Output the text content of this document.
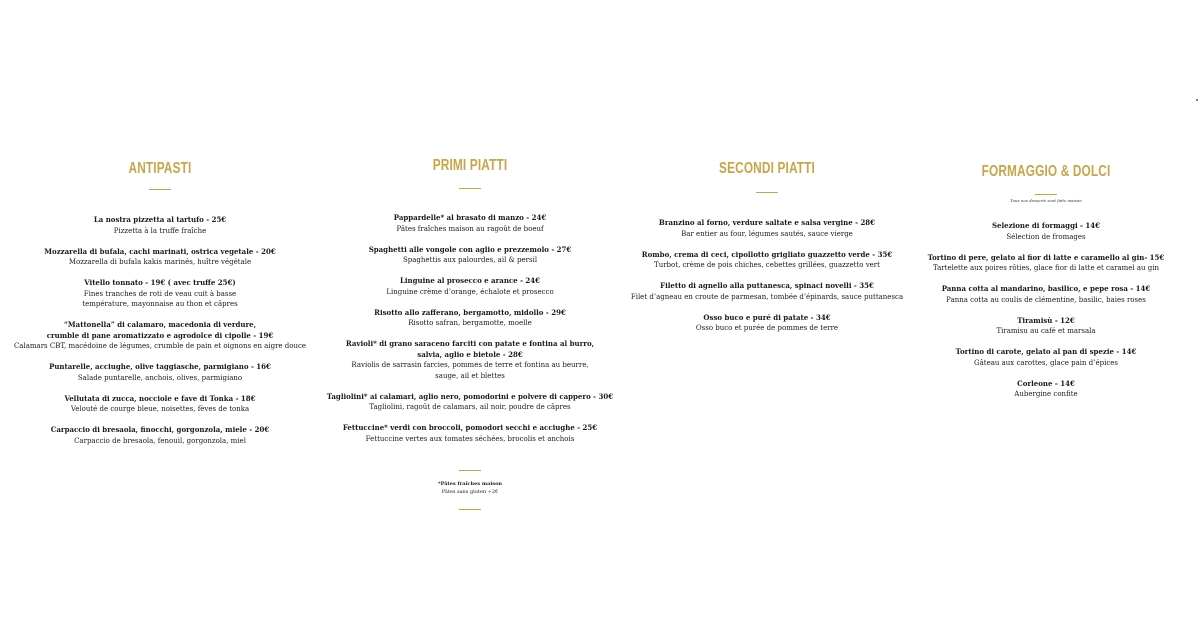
ANTIPASTI
La nostra pizzetta al tartufo - 25€
Pizzetta à la truffe fraîche
Mozzarella di bufala, cachi marinati, ostrica vegetale - 20€
Mozzarella di bufala kakis marinés, huître végétale
Vitello tonnato - 19€ ( avec truffe 25€)
Fines tranches de roti de veau cuit à basse
température, mayonnaise au thon et câpres
“Mattonella” di calamaro, macedonia di verdure,
crumble di pane aromatizzato e agrodolce di cipolle - 19€
Calamars CBT, macédoine de légumes, crumble de pain et oignons en aigre douce
Puntarelle, acciughe, olive taggiasche, parmigiano - 16€
Salade puntarelle, anchois, olives, parmigiano
Vellutata di zucca, nocciole e fave di Tonka - 18€
Velouté de courge bleue, noisettes, fèves de tonka
Carpaccio di bresaola, finocchi, gorgonzola, miele - 20€
Carpaccio de bresaola, fenouil, gorgonzola, miel
PRIMI PIATTI
Pappardelle* al brasato di manzo - 24€
Pâtes fraîches maison au ragoût de boeuf
Spaghetti alle vongole con aglio e prezzemolo - 27€
Spaghettis aux palourdes, ail & persil
Linguine al prosecco e arance - 24€
Linguine crème d’orange, échalote et prosecco
Risotto allo zafferano, bergamotto, midollo - 29€
Risotto safran, bergamotte, moelle
Ravioli* di grano saraceno farciti con patate e fontina al burro,
salvia, aglio e bietole - 28€
Raviolis de sarrasin farcies, pommes de terre et fontina au beurre,
sauge, ail et blettes
Tagliolini* ai calamari, aglio nero, pomodorini e polvere di cappero - 30€
Tagliolini, ragoût de calamars, ail noir, poudre de câpres
Fettuccine* verdi con broccoli, pomodori secchi e acciughe - 25€
Fettuccine vertes aux tomates séchées, brocolis et anchois
*Pâtes fraîches maison
Pâtes sans gluten +2€
SECONDI PIATTI
Branzino al forno, verdure saltate e salsa vergine - 28€
Bar entier au four, légumes sautés, sauce vierge
Rombo, crema di ceci, cipollotto grigliato guazzetto verde - 35€
Turbot, crème de pois chiches, cebettes grillées, guazzetto vert
Filetto di agnello alla puttanesca, spinaci novelli - 35€
Filet d’agneau en croute de parmesan, tombée d’épinards, sauce puttanesca
Osso buco e puré di patate - 34€
Osso buco et purée de pommes de terre
FORMAGGIO & DOLCI
Tous nos desserts sont faits maison
Selezione di formaggi - 14€
Sélection de fromages
Tortino di pere, gelato al fior di latte e caramello al gin- 15€
Tartelette aux poires rôties, glace fior di latte et caramel au gin
Panna cotta al mandarino, basilico, e pepe rosa - 14€
Panna cotta au coulis de clémentine, basilic, baies roses
Tiramisù - 12€
Tiramisu au café et marsala
Tortino di carote, gelato al pan di spezie - 14€
Gâteau aux carottes, glace pain d’épices
Corleone - 14€
Aubergine confite
